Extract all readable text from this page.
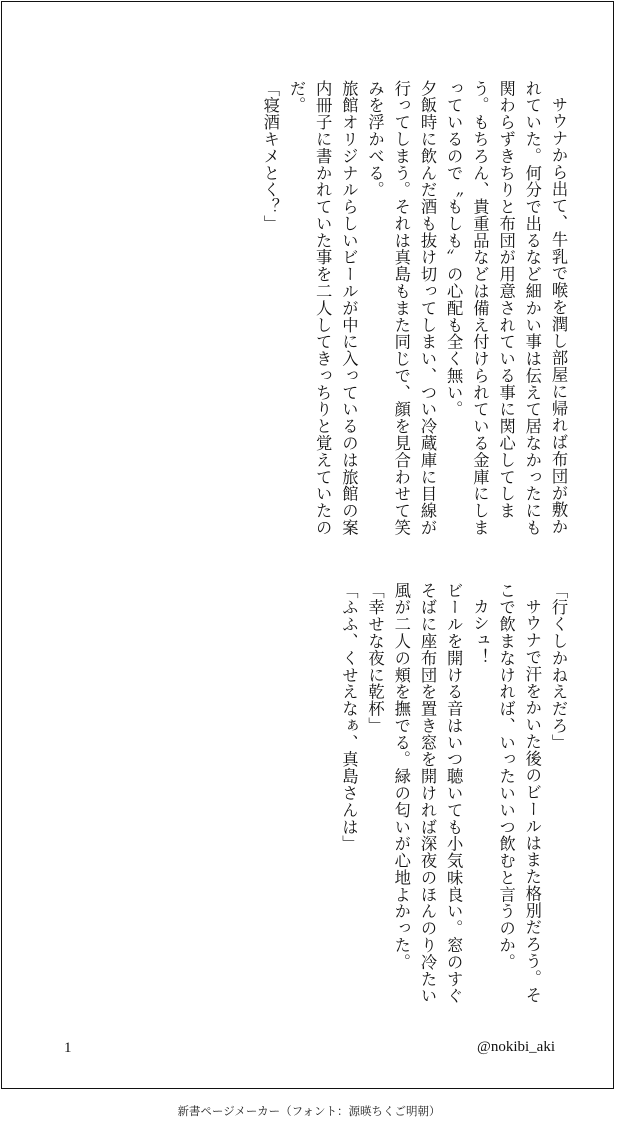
サウナから出て、牛乳で喉を潤し部屋に帰れば布団が敷かれていた。何分で出るなど細かい事は伝えて居なかったにも関わらずきちりと布団が用意されている事に関心してしまう。もちろん、貴重品などは備え付けられている金庫にしまっているので〝もしも〟の心配も全く無い。

夕飯時に飲んだ酒も抜け切ってしまい、つい冷蔵庫に目線が行ってしまう。それは真島もまた同じで、顔を見合わせて笑みを浮かべる。

旅館オリジナルらしいビールが中に入っているのは旅館の案内冊子に書かれていた事を二人してきっちりと覚えていたのだ。

「寝酒キメとく？」

「行くしかねえだろ」

サウナで汗をかいた後のビールはまた格別だろう。そこで飲まなければ、いったいいつ飲むと言うのか。

カシュ！

ビールを開ける音はいつ聴いても小気味良い。窓のすぐそばに座布団を置き窓を開ければ深夜のほんのり冷たい風が二人の頬を撫でる。緑の匂いが心地よかった。

「幸せな夜に乾杯」

「ふふ、くせえなぁ、真島さんは」

1	@nokibi_aki
新書ページメーカー（フォント：源暎ちくご明朝）
